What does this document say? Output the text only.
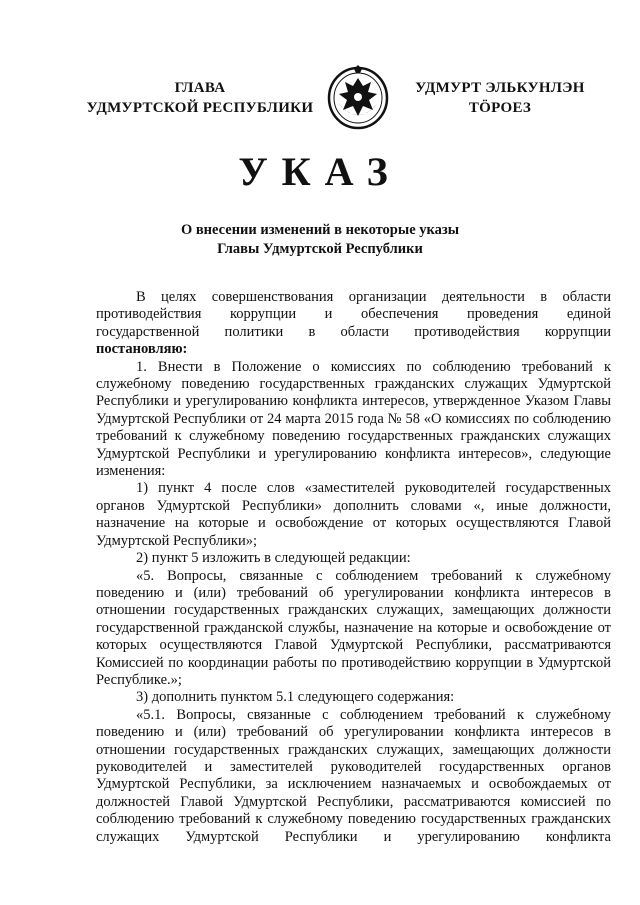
ГЛАВА
УДМУРТСКОЙ РЕСПУБЛИКИ
УДМУРТ ЭЛЬКУНЛЭН
ТÖРОЕЗ
УКАЗ
О внесении изменений в некоторые указы
Главы Удмуртской Республики

В целях совершенствования организации деятельности в области

противодействия коррупции и обеспечения проведения единой

государственной политики в области противодействия коррупции

постановляю:

1. Внести в Положение о комиссиях по соблюдению требований к служебному поведению государственных гражданских служащих Удмуртской Республики и урегулированию конфликта интересов, утвержденное Указом Главы Удмуртской Республики от 24 марта 2015 года № 58 «О комиссиях по соблюдению требований к служебному поведению государственных гражданских служащих Удмуртской Республики и урегулированию конфликта интересов», следующие изменения:

1) пункт 4 после слов «заместителей руководителей государственных органов Удмуртской Республики» дополнить словами «, иные должности, назначение на которые и освобождение от которых осуществляются Главой Удмуртской Республики»;

2) пункт 5 изложить в следующей редакции:

«5. Вопросы, связанные с соблюдением требований к служебному поведению и (или) требований об урегулировании конфликта интересов в отношении государственных гражданских служащих, замещающих должности государственной гражданской службы, назначение на которые и освобождение от которых осуществляются Главой Удмуртской Республики, рассматриваются Комиссией по координации работы по противодействию коррупции в Удмуртской Республике.»;

3) дополнить пунктом 5.1 следующего содержания:

«5.1. Вопросы, связанные с соблюдением требований к служебному поведению и (или) требований об урегулировании конфликта интересов в отношении государственных гражданских служащих, замещающих должности руководителей и заместителей руководителей государственных органов Удмуртской Республики, за исключением назначаемых и освобождаемых от должностей Главой Удмуртской Республики, рассматриваются комиссией по соблюдению требований к служебному поведению государственных гражданских служащих Удмуртской Республики и урегулированию конфликта
